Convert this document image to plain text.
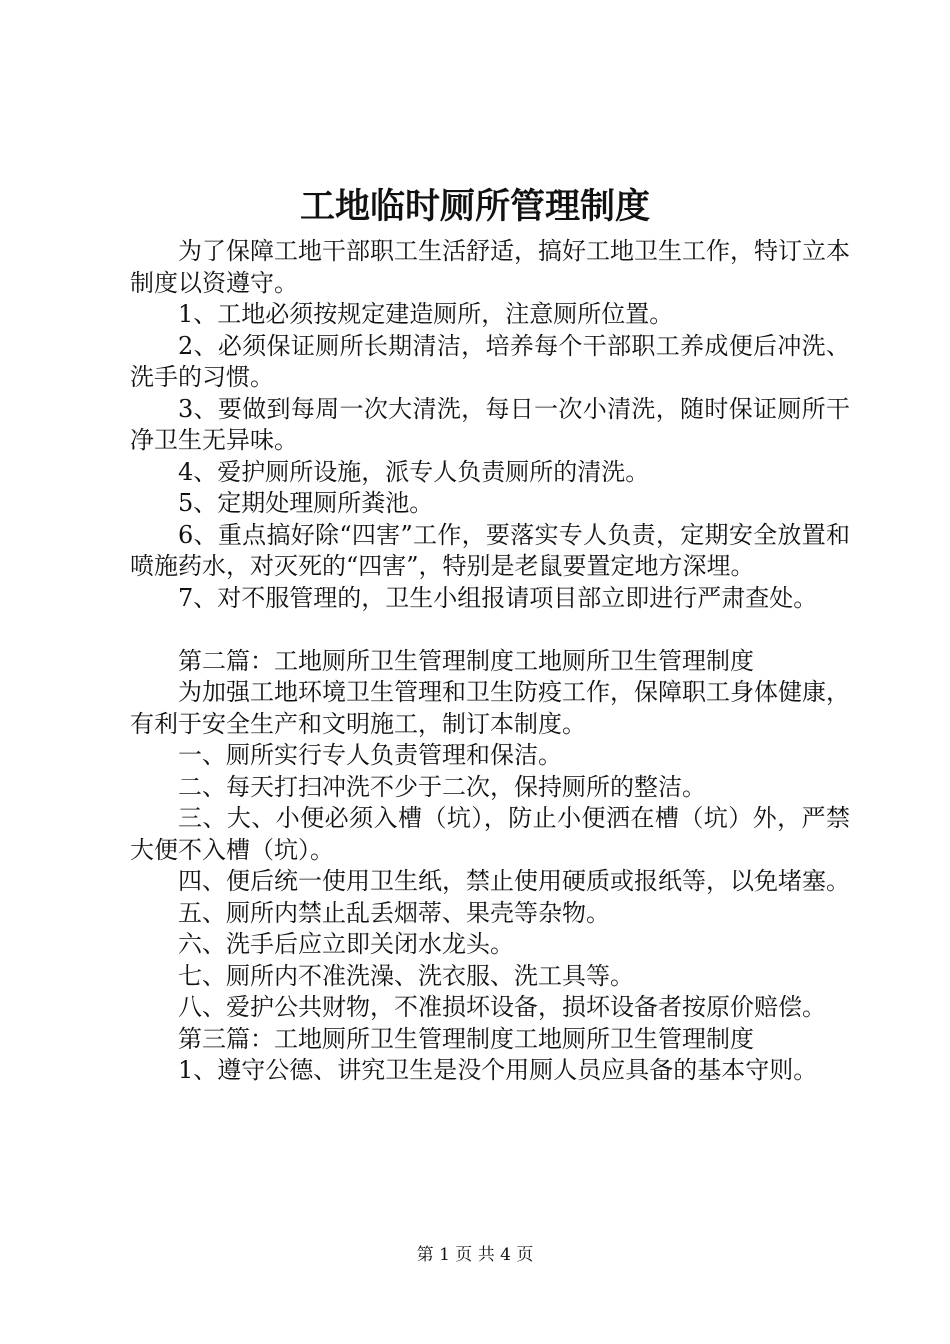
工地临时厕所管理制度

为了保障工地干部职工生活舒适，搞好工地卫生工作，特订立本制度以资遵守。

1、工地必须按规定建造厕所，注意厕所位置。

2、必须保证厕所长期清洁，培养每个干部职工养成便后冲洗、洗手的习惯。

3、要做到每周一次大清洗，每日一次小清洗，随时保证厕所干净卫生无异味。

4、爱护厕所设施，派专人负责厕所的清洗。

5、定期处理厕所粪池。

6、重点搞好除“四害”工作，要落实专人负责，定期安全放置和喷施药水，对灭死的“四害”，特别是老鼠要置定地方深埋。

7、对不服管理的，卫生小组报请项目部立即进行严肃查处。

第二篇：工地厕所卫生管理制度工地厕所卫生管理制度

为加强工地环境卫生管理和卫生防疫工作，保障职工身体健康，有利于安全生产和文明施工，制订本制度。

一、厕所实行专人负责管理和保洁。

二、每天打扫冲洗不少于二次，保持厕所的整洁。

三、大、小便必须入槽（坑），防止小便洒在槽（坑）外，严禁大便不入槽（坑）。

四、便后统一使用卫生纸，禁止使用硬质或报纸等，以免堵塞。

五、厕所内禁止乱丢烟蒂、果壳等杂物。

六、洗手后应立即关闭水龙头。

七、厕所内不准洗澡、洗衣服、洗工具等。

八、爱护公共财物，不准损坏设备，损坏设备者按原价赔偿。

第三篇：工地厕所卫生管理制度工地厕所卫生管理制度

1、遵守公德、讲究卫生是没个用厕人员应具备的基本守则。

第 1 页 共 4 页
